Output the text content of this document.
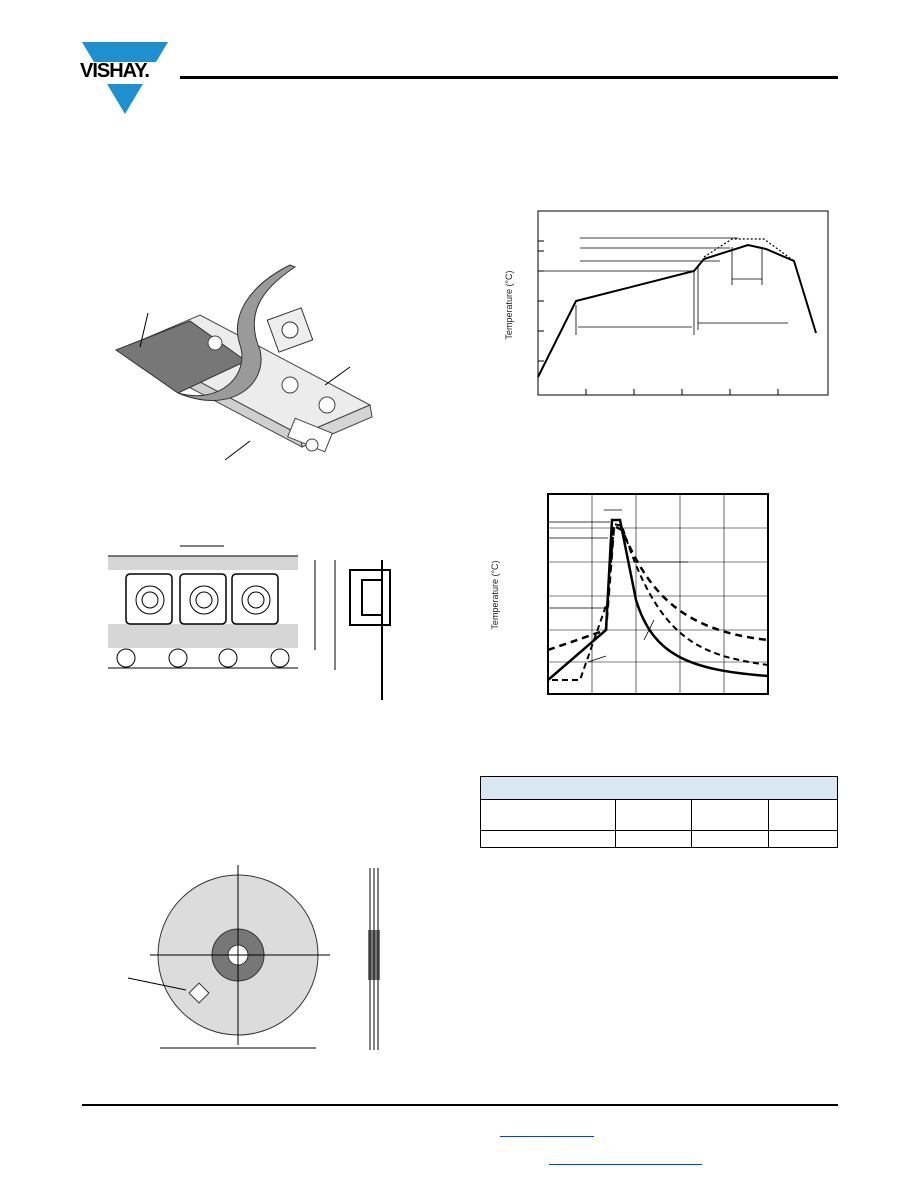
VISHAY.
Temperature (°C)
Temperature (°C)
